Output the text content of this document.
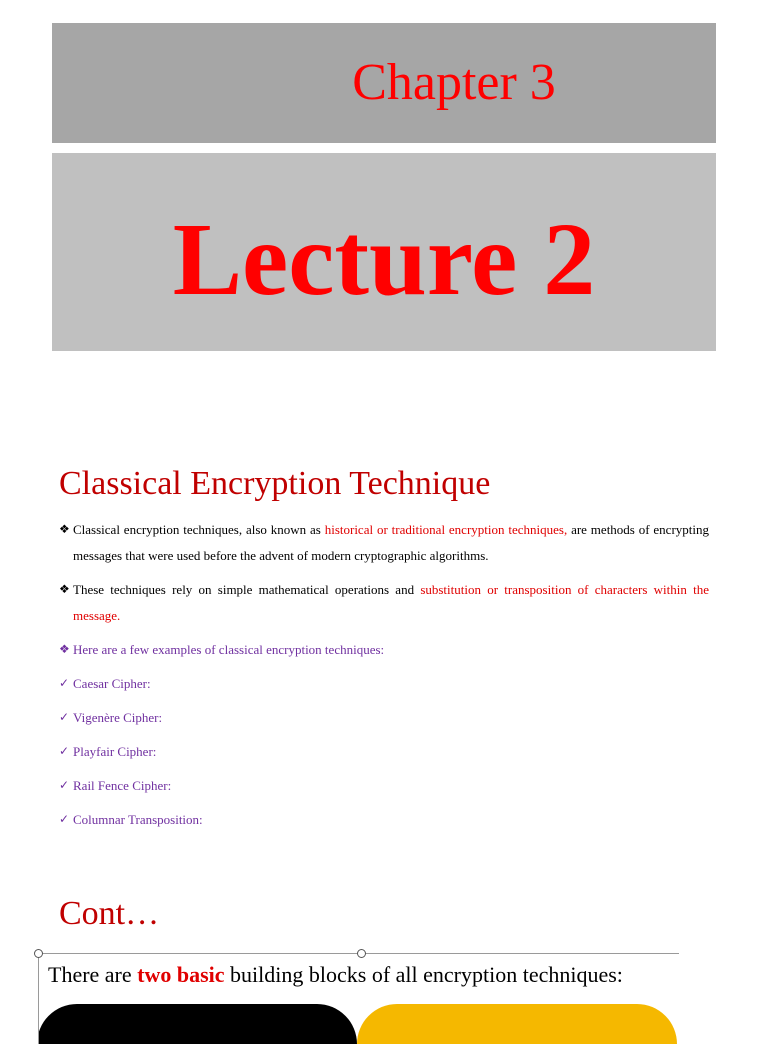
Chapter 3
Lecture 2
Classical Encryption Technique
❖ Classical encryption techniques, also known as historical or traditional encryption techniques, are methods of encrypting messages that were used before the advent of modern cryptographic algorithms.
❖ These techniques rely on simple mathematical operations and substitution or transposition of characters within the message.
❖ Here are a few examples of classical encryption techniques:
✓ Caesar Cipher:
✓ Vigenère Cipher:
✓ Playfair Cipher:
✓ Rail Fence Cipher:
✓ Columnar Transposition:
Cont…
There are two basic building blocks of all encryption techniques:
